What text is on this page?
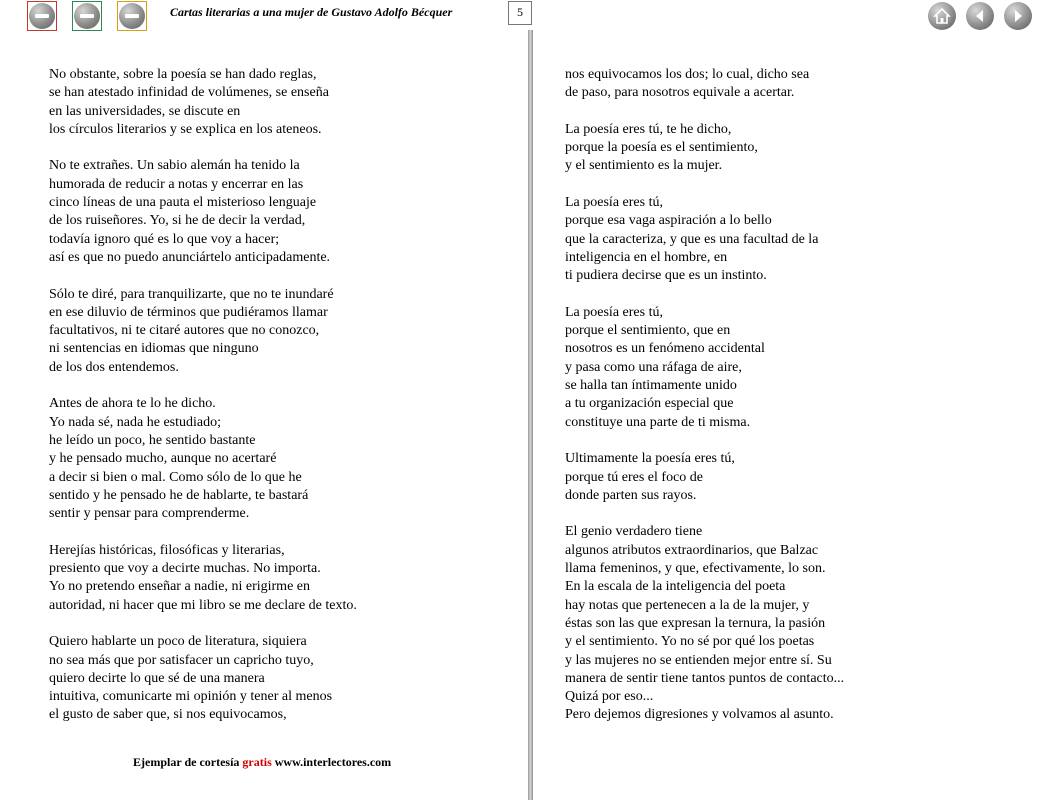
Cartas literarias a una mujer de Gustavo Adolfo Bécquer	5
No obstante, sobre la poesía se han dado reglas,
se han atestado infinidad de volúmenes, se enseña
en las universidades, se discute en
los círculos literarios y se explica en los ateneos.
No te extrañes. Un sabio alemán ha tenido la
humorada de reducir a notas y encerrar en las
cinco líneas de una pauta el misterioso lenguaje
de los ruiseñores. Yo, si he de decir la verdad,
todavía ignoro qué es lo que voy a hacer;
así es que no puedo anunciártelo anticipadamente.
Sólo te diré, para tranquilizarte, que no te inundaré
en ese diluvio de términos que pudiéramos llamar
facultativos, ni te citaré autores que no conozco,
ni sentencias en idiomas que ninguno
de los dos entendemos.
Antes de ahora te lo he dicho.
Yo nada sé, nada he estudiado;
he leído un poco, he sentido bastante
y he pensado mucho, aunque no acertaré
a decir si bien o mal. Como sólo de lo que he
sentido y he pensado he de hablarte, te bastará
sentir y pensar para comprenderme.
Herejías históricas, filosóficas y literarias,
presiento que voy a decirte muchas. No importa.
Yo no pretendo enseñar a nadie, ni erigirme en
autoridad, ni hacer que mi libro se me declare de texto.
Quiero hablarte un poco de literatura, siquiera
no sea más que por satisfacer un capricho tuyo,
quiero decirte lo que sé de una manera
intuitiva, comunicarte mi opinión y tener al menos
el gusto de saber que, si nos equivocamos,
nos equivocamos los dos; lo cual, dicho sea
de paso, para nosotros equivale a acertar.
La poesía eres tú, te he dicho,
porque la poesía es el sentimiento,
y el sentimiento es la mujer.
La poesía eres tú,
porque esa vaga aspiración a lo bello
que la caracteriza, y que es una facultad de la
inteligencia en el hombre, en
ti pudiera decirse que es un instinto.
La poesía eres tú,
porque el sentimiento, que en
nosotros es un fenómeno accidental
y pasa como una ráfaga de aire,
se halla tan íntimamente unido
a tu organización especial que
constituye una parte de ti misma.
Ultimamente la poesía eres tú,
porque tú eres el foco de
donde parten sus rayos.
El genio verdadero tiene
algunos atributos extraordinarios, que Balzac
llama femeninos, y que, efectivamente, lo son.
En la escala de la inteligencia del poeta
hay notas que pertenecen a la de la mujer, y
éstas son las que expresan la ternura, la pasión
y el sentimiento. Yo no sé por qué los poetas
y las mujeres no se entienden mejor entre sí. Su
manera de sentir tiene tantos puntos de contacto...
Quizá por eso...
Pero dejemos digresiones y volvamos al asunto.
Ejemplar de cortesía gratis www.interlectores.com
